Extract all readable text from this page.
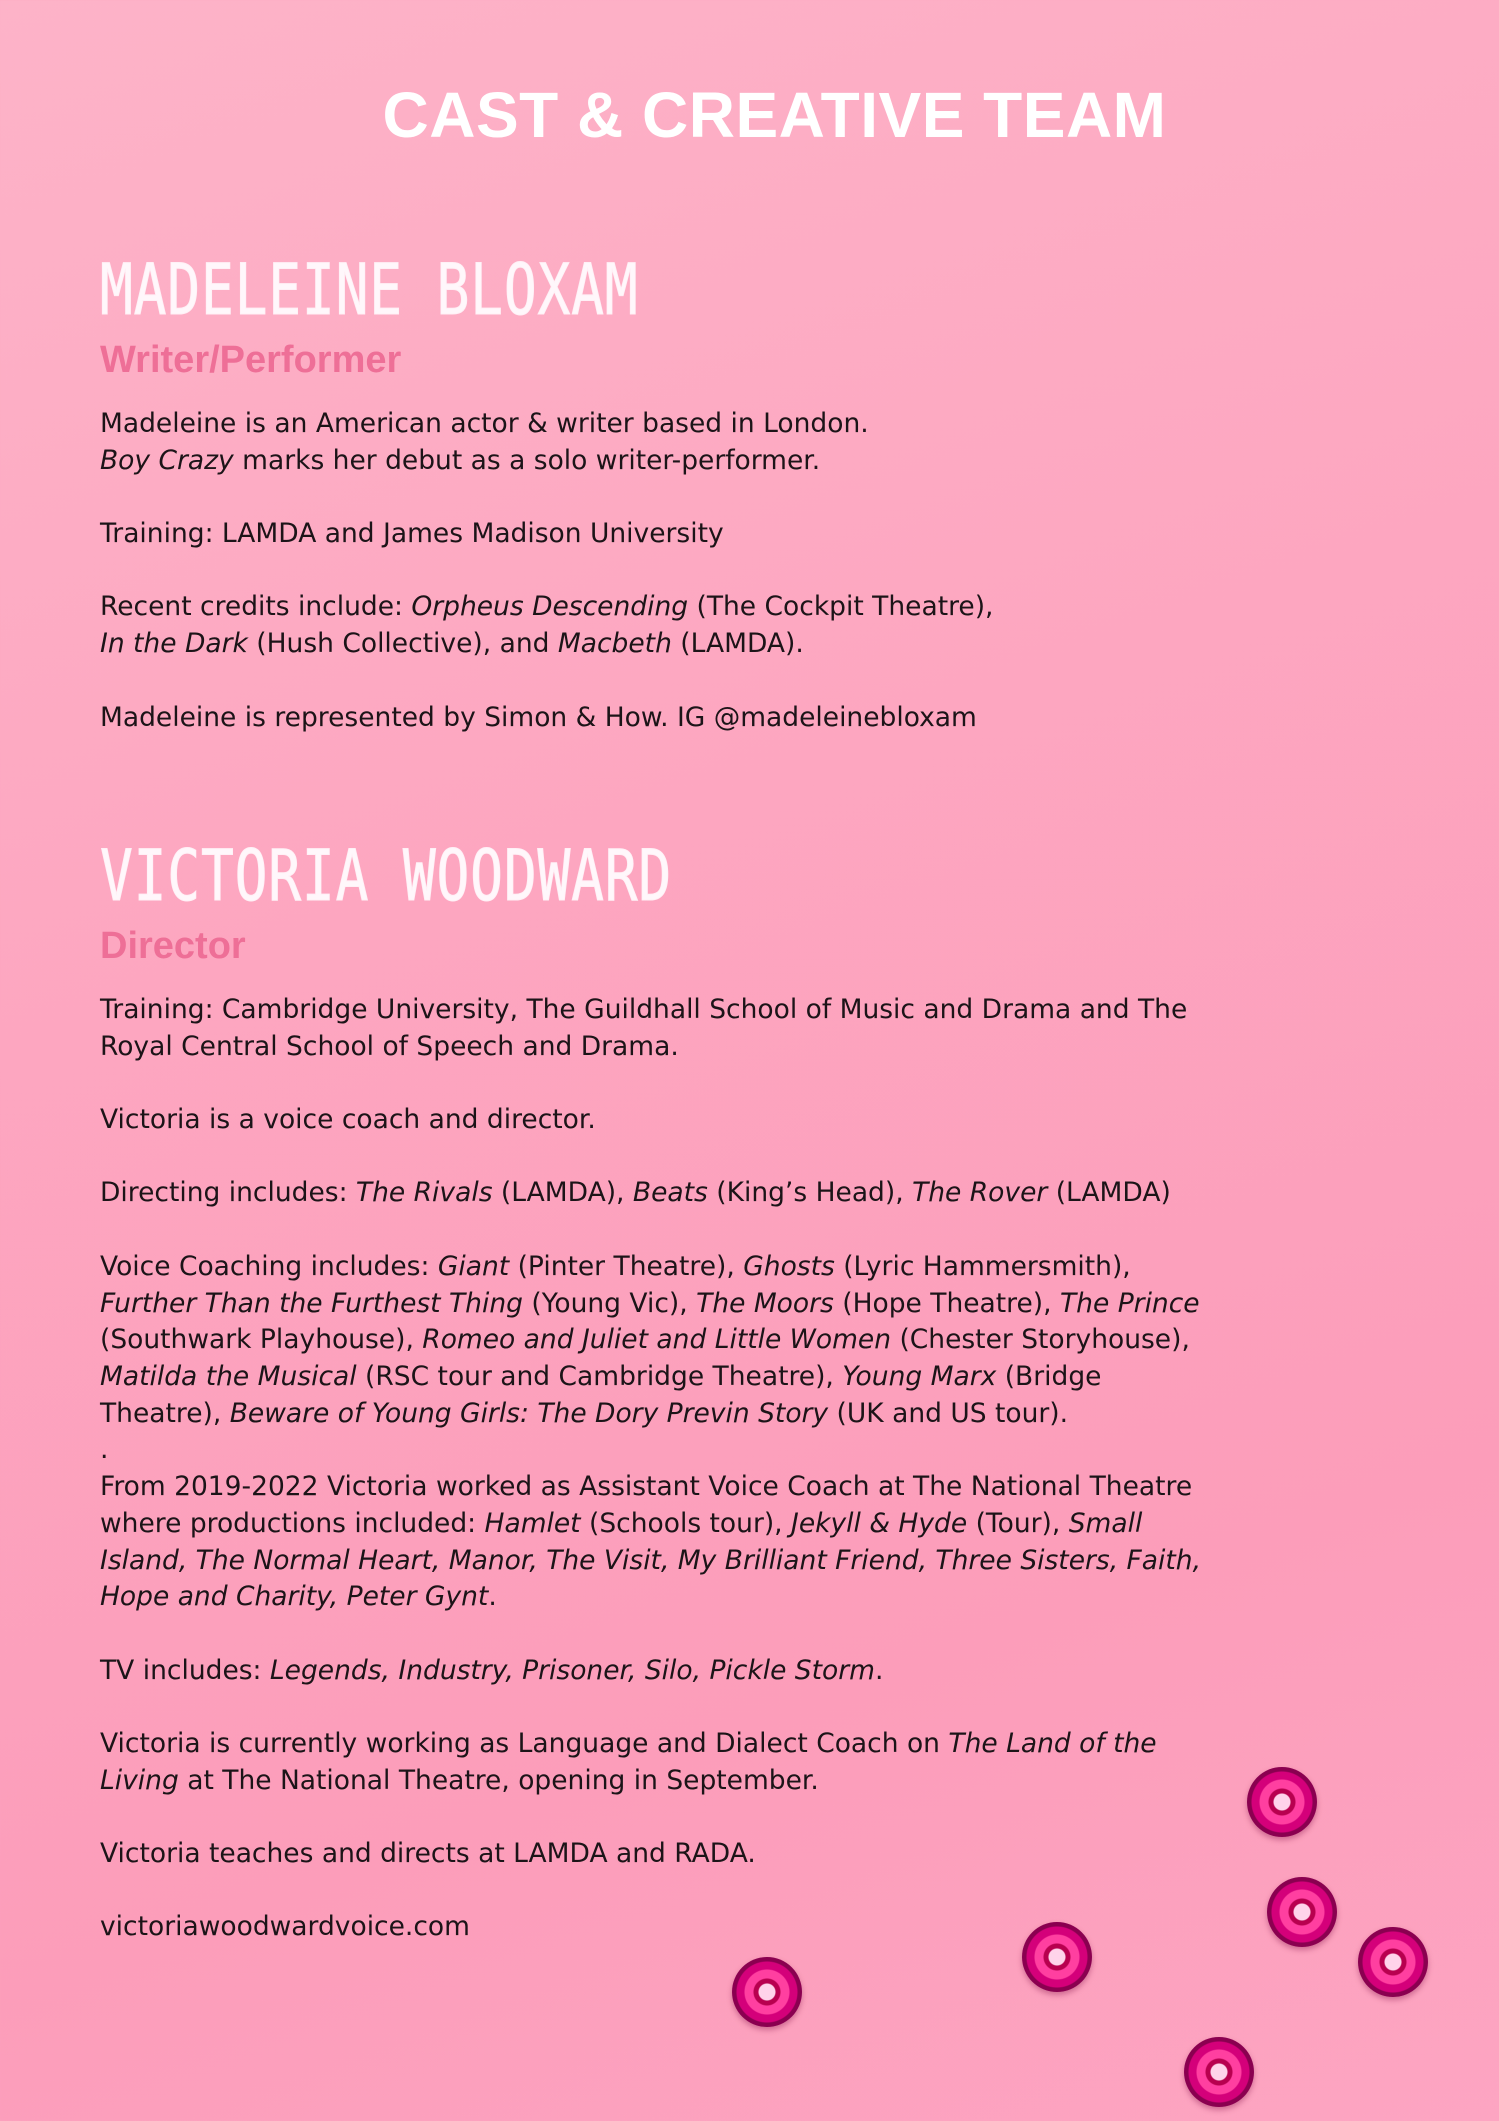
CAST & CREATIVE TEAM
MADELEINE BLOXAM
Writer/Performer

Madeleine is an American actor & writer based in London.
Boy Crazy marks her debut as a solo writer-performer.

Training: LAMDA and James Madison University

Recent credits include: Orpheus Descending (The Cockpit Theatre),
In the Dark (Hush Collective), and Macbeth (LAMDA).

Madeleine is represented by Simon & How. IG @madeleinebloxam

VICTORIA WOODWARD
Director

Training: Cambridge University, The Guildhall School of Music and Drama and The Royal Central School of Speech and Drama.

Victoria is a voice coach and director.

Directing includes: The Rivals (LAMDA), Beats (King’s Head), The Rover (LAMDA)

Voice Coaching includes: Giant (Pinter Theatre), Ghosts (Lyric Hammersmith), Further Than the Furthest Thing (Young Vic), The Moors (Hope Theatre), The Prince (Southwark Playhouse), Romeo and Juliet and Little Women (Chester Storyhouse), Matilda the Musical (RSC tour and Cambridge Theatre), Young Marx (Bridge Theatre), Beware of Young Girls: The Dory Previn Story (UK and US tour).

.

From 2019-2022 Victoria worked as Assistant Voice Coach at The National Theatre where productions included: Hamlet (Schools tour), Jekyll & Hyde (Tour), Small Island, The Normal Heart, Manor, The Visit, My Brilliant Friend, Three Sisters, Faith, Hope and Charity, Peter Gynt.

TV includes: Legends, Industry, Prisoner, Silo, Pickle Storm.

Victoria is currently working as Language and Dialect Coach on The Land of the Living at The National Theatre, opening in September.

Victoria teaches and directs at LAMDA and RADA.

victoriawoodwardvoice.com
